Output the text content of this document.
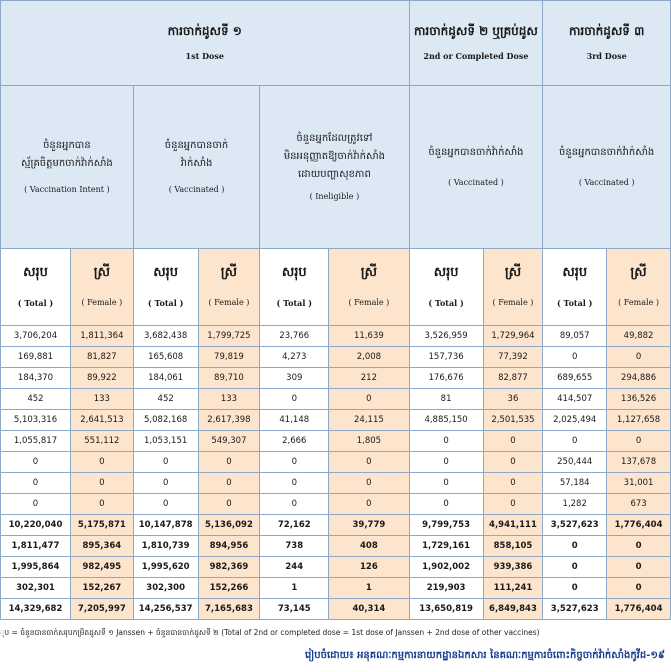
ការចាក់ដូសទី ១
1st Dose						ការចាក់ដូសទី ២ ឬគ្រប់ដូស
2nd or Completed Dose		ការចាក់ដូសទី ៣
3rd Dose	

ចំនួនអ្នកបាន
ស្ម័គ្រចិត្តមកចាក់វ៉ាក់សាំង
( Vaccination Intent )		ចំនួនអ្នកបានចាក់
វ៉ាក់សាំង
( Vaccinated )		ចំនួនអ្នកដែលត្រូវទៅ
មិនអនុញ្ញាតឱ្យចាក់វ៉ាក់សាំង
ដោយបញ្ហាសុខភាព
( Ineligible )		ចំនួនអ្នកបានចាក់វ៉ាក់សាំង
( Vaccinated )		ចំនួនអ្នកបានចាក់វ៉ាក់សាំង
( Vaccinated )	

សរុប
( Total )	ស្រី
( Female )	សរុប
( Total )	ស្រី
( Female )	សរុប
( Total )	ស្រី
( Female )	សរុប
( Total )	ស្រី
( Female )	សរុប
( Total )	ស្រី
( Female )

3,706,204	1,811,364	3,682,438	1,799,725	23,766	11,639	3,526,959	1,729,964	89,057	49,882
169,881	81,827	165,608	79,819	4,273	2,008	157,736	77,392	0	0
184,370	89,922	184,061	89,710	309	212	176,676	82,877	689,655	294,886
452	133	452	133	0	0	81	36	414,507	136,526
5,103,316	2,641,513	5,082,168	2,617,398	41,148	24,115	4,885,150	2,501,535	2,025,494	1,127,658
1,055,817	551,112	1,053,151	549,307	2,666	1,805	0	0	0	0
0	0	0	0	0	0	0	0	250,444	137,678
0	0	0	0	0	0	0	0	57,184	31,001
0	0	0	0	0	0	0	0	1,282	673
10,220,040	5,175,871	10,147,878	5,136,092	72,162	39,779	9,799,753	4,941,111	3,527,623	1,776,404
1,811,477	895,364	1,810,739	894,956	738	408	1,729,161	858,105	0	0
1,995,864	982,495	1,995,620	982,369	244	126	1,902,002	939,386	0	0
302,301	152,267	302,300	152,266	1	1	219,903	111,241	0	0
14,329,682	7,205,997	14,256,537	7,165,683	73,145	40,314	13,650,819	6,849,843	3,527,623	1,776,404
ុប = ចំនួនបានចាក់សរុបកម្រិតដូសទី ១ Janssen + ចំនួនបានចាក់ដូសទី ២ (Total of 2nd or completed dose = 1st dose of Janssen + 2nd dose of other vaccines)
រៀបចំដោយ៖ អនុគណៈកម្មការនាយកដ្ឋានឯកសារ នៃគណៈកម្មការចំពោះកិច្ចចាក់វ៉ាក់សាំងកូវីដ-១៩
